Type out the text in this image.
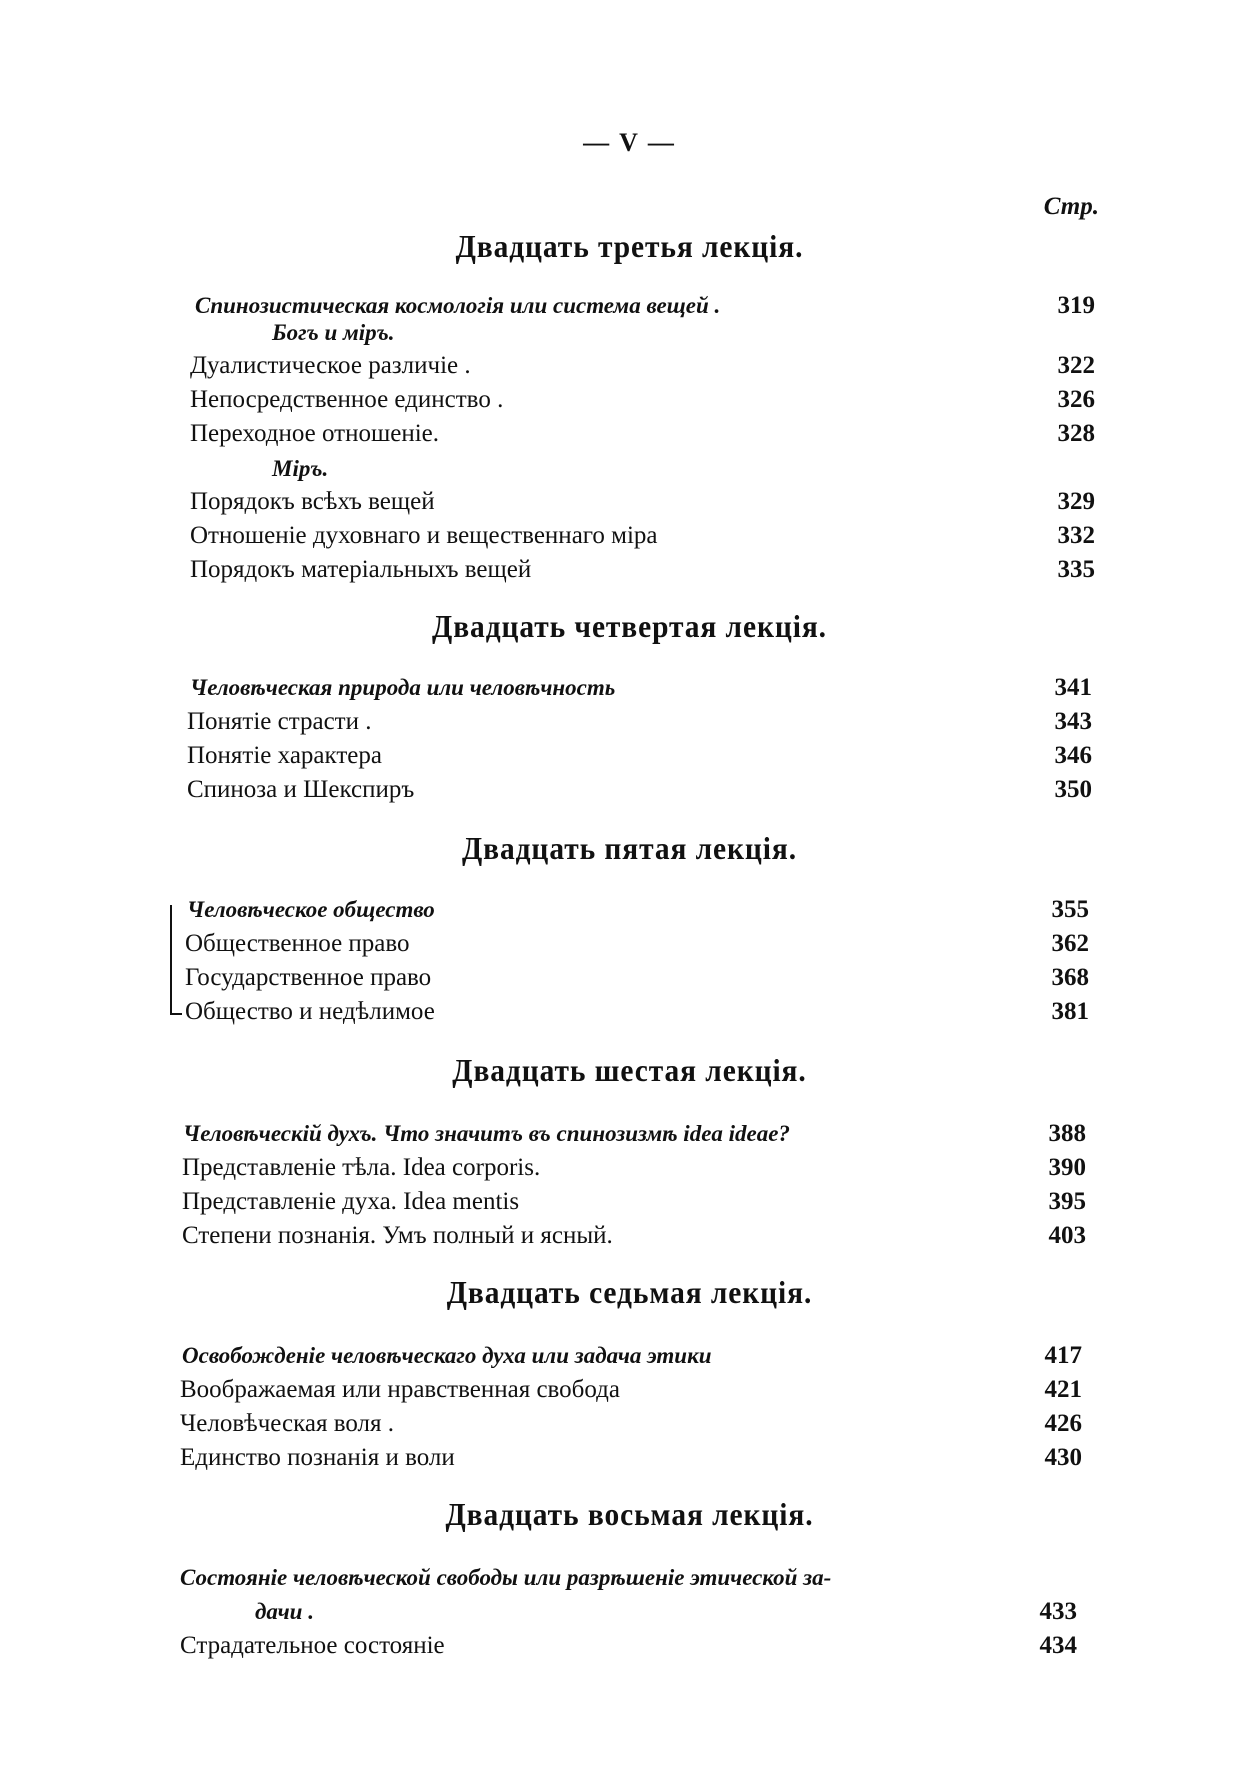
— V —
Стр.
Двадцать третья лекція.
Спинозистическая космологія или система вещей .	319
Богъ и міръ.
Дуалистическое различіе .	322
Непосредственное единство .	326
Переходное отношеніе.	328
Міръ.
Порядокъ всѣхъ вещей	329
Отношеніе духовнаго и вещественнаго міра	332
Порядокъ матеріальныхъ вещей	335
Двадцать четвертая лекція.
Человѣческая природа или человѣчность	341
Понятіе страсти .	343
Понятіе характера	346
Спиноза и Шекспиръ	350
Двадцать пятая лекція.
Человѣческое общество	355
Общественное право	362
Государственное право	368
Общество и недѣлимое	381
Двадцать шестая лекція.
Человѣческій духъ. Что значитъ въ спинозизмѣ idea ideae?	388
Представленіе тѣла. Idea corporis.	390
Представленіе духа. Idea mentis	395
Степени познанія. Умъ полный и ясный.	403
Двадцать седьмая лекція.
Освобожденіе человѣческаго духа или задача этики	417
Воображаемая или нравственная свобода	421
Человѣческая воля .	426
Единство познанія и воли	430
Двадцать восьмая лекція.
Состояніе человѣческой свободы или разрѣшеніе этической за-
дачи .	433
Страдательное состояніе	434
